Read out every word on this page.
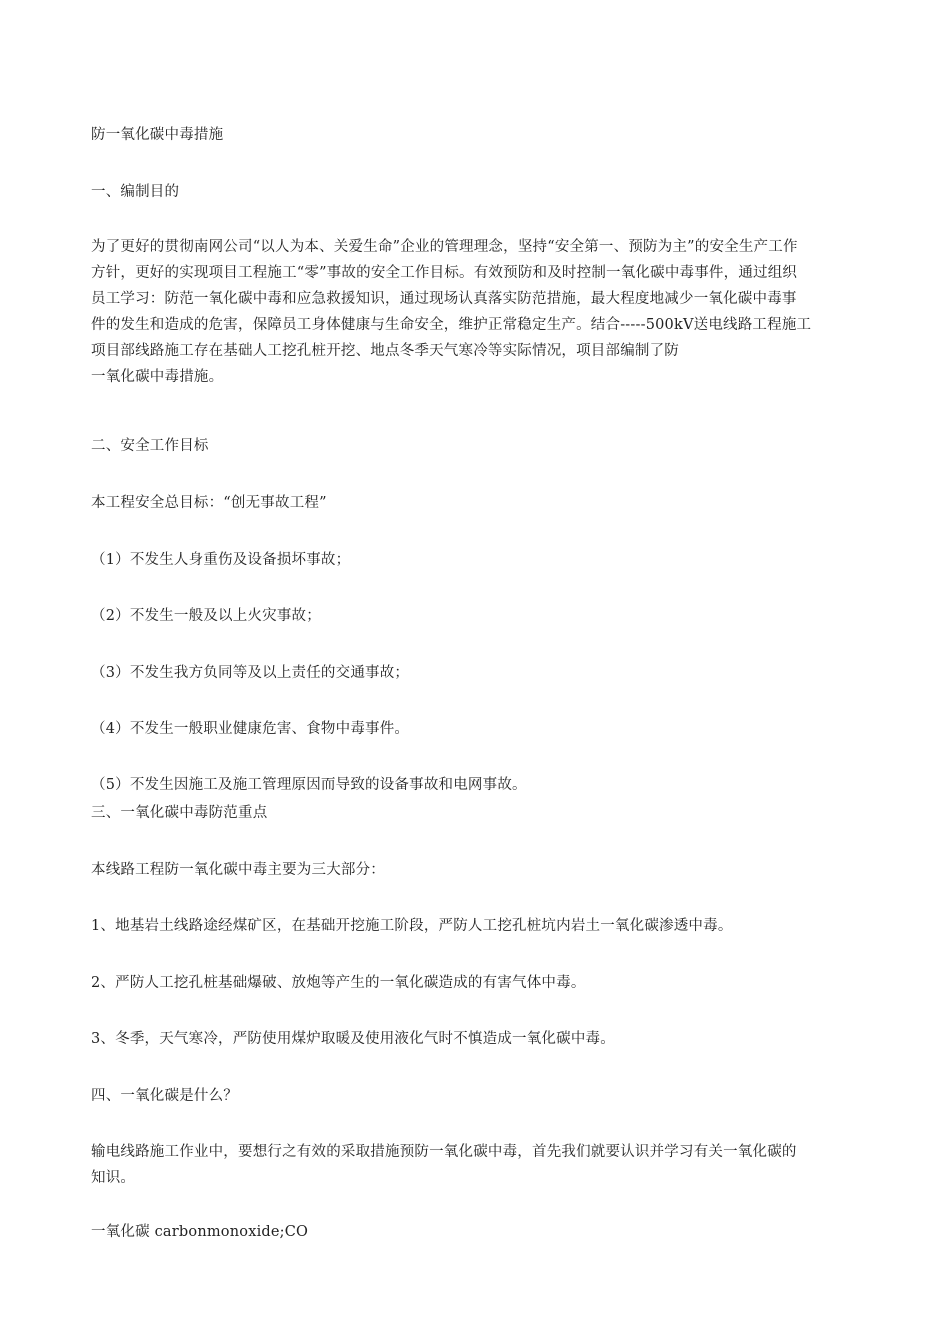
防一氧化碳中毒措施
一、编制目的
为了更好的贯彻南网公司“以人为本、关爱生命”企业的管理理念，坚持“安全第一、预防为主”的安全生产工作
方针，更好的实现项目工程施工“零”事故的安全工作目标。有效预防和及时控制一氧化碳中毒事件，通过组织
员工学习：防范一氧化碳中毒和应急救援知识，通过现场认真落实防范措施，最大程度地减少一氧化碳中毒事
件的发生和造成的危害，保障员工身体健康与生命安全，维护正常稳定生产。结合-----500kV送电线路工程施工
项目部线路施工存在基础人工挖孔桩开挖、地点冬季天气寒冷等实际情况，项目部编制了防
一氧化碳中毒措施。
二、安全工作目标
本工程安全总目标：“创无事故工程”
（1）不发生人身重伤及设备损坏事故；
（2）不发生一般及以上火灾事故；
（3）不发生我方负同等及以上责任的交通事故；
（4）不发生一般职业健康危害、食物中毒事件。
（5）不发生因施工及施工管理原因而导致的设备事故和电网事故。
三、一氧化碳中毒防范重点
本线路工程防一氧化碳中毒主要为三大部分：
1、地基岩土线路途经煤矿区，在基础开挖施工阶段，严防人工挖孔桩坑内岩土一氧化碳渗透中毒。
2、严防人工挖孔桩基础爆破、放炮等产生的一氧化碳造成的有害气体中毒。
3、冬季，天气寒冷，严防使用煤炉取暖及使用液化气时不慎造成一氧化碳中毒。
四、一氧化碳是什么？
输电线路施工作业中，要想行之有效的采取措施预防一氧化碳中毒，首先我们就要认识并学习有关一氧化碳的
知识。
一氧化碳 carbonmonoxide;CO
